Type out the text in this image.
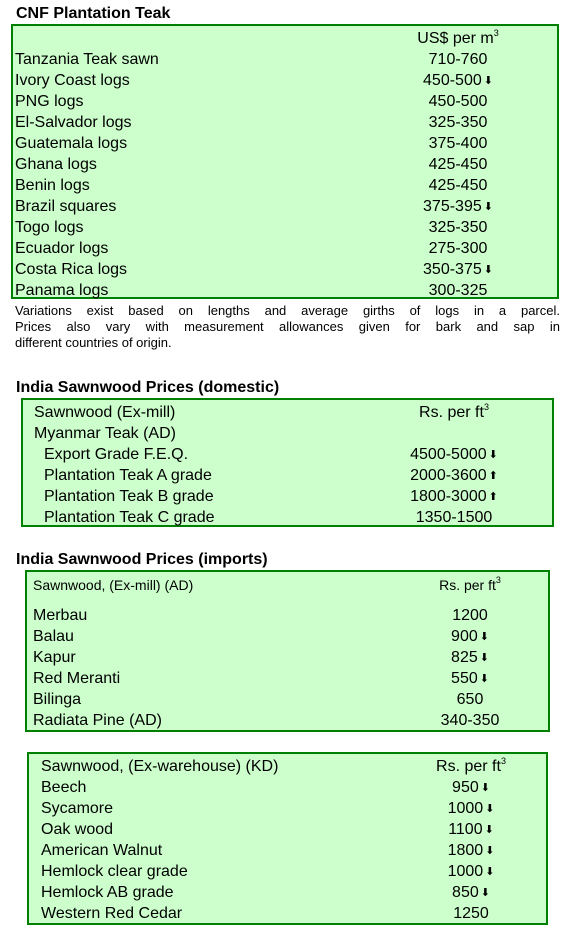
CNF Plantation Teak
US$ per $m^3$
Tanzania Teak sawn	710-760
Ivory Coast logs	450-500 ⬇
PNG logs	450-500
El-Salvador logs	325-350
Guatemala logs	375-400
Ghana logs	425-450
Benin logs	425-450
Brazil squares	375-395 ⬇
Togo logs	325-350
Ecuador logs	275-300
Costa Rica logs	350-375 ⬇
Panama logs	300-325
Variations exist based on lengths and average girths of logs in a parcel.
Prices also vary with measurement allowances given for bark and sap in
different countries of origin.
India Sawnwood Prices (domestic)
Sawnwood (Ex-mill)	Rs. per $ft^3$
Myanmar Teak (AD)
Export Grade F.E.Q.	4500-5000 ⬇
Plantation Teak A grade	2000-3600 ⬆
Plantation Teak B grade	1800-3000 ⬆
Plantation Teak C grade	1350-1500
India Sawnwood Prices (imports)
Sawnwood, (Ex-mill) (AD)	Rs. per $ft^3$
Merbau	1200
Balau	900 ⬇
Kapur	825 ⬇
Red Meranti	550 ⬇
Bilinga	650
Radiata Pine (AD)	340-350
Sawnwood, (Ex-warehouse) (KD)	Rs. per $ft^3$
Beech	950 ⬇
Sycamore	1000 ⬇
Oak wood	1100 ⬇
American Walnut	1800 ⬇
Hemlock clear grade	1000 ⬇
Hemlock AB grade	850 ⬇
Western Red Cedar	1250
